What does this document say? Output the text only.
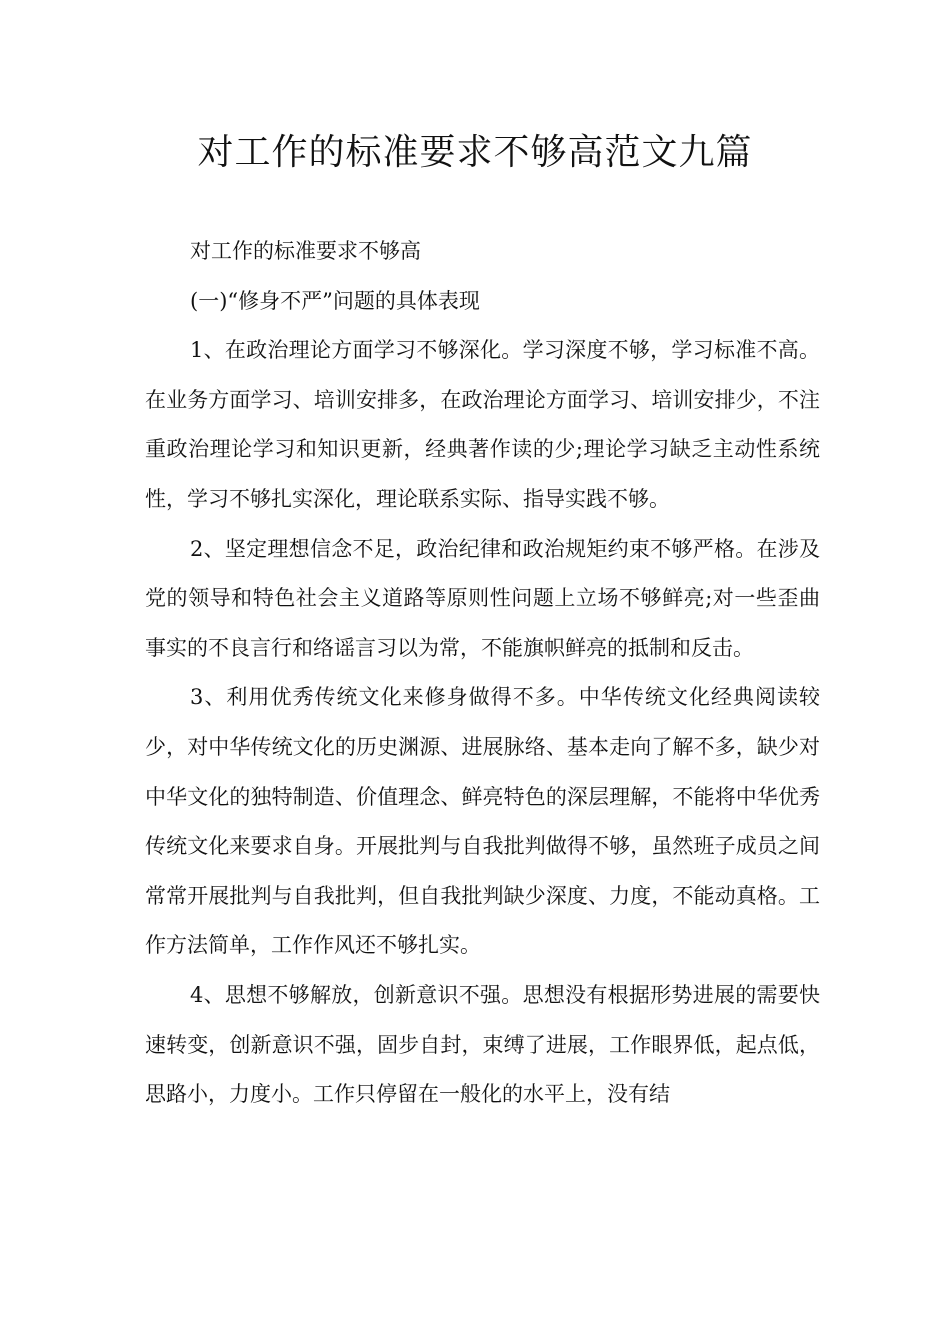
对工作的标准要求不够高范文九篇

对工作的标准要求不够高

(一)“修身不严”问题的具体表现

1、在政治理论方面学习不够深化。学习深度不够，学习标准不高。在业务方面学习、培训安排多，在政治理论方面学习、培训安排少，不注重政治理论学习和知识更新，经典著作读的少;理论学习缺乏主动性系统性，学习不够扎实深化，理论联系实际、指导实践不够。

2、坚定理想信念不足，政治纪律和政治规矩约束不够严格。在涉及党的领导和特色社会主义道路等原则性问题上立场不够鲜亮;对一些歪曲事实的不良言行和络谣言习以为常，不能旗帜鲜亮的抵制和反击。

3、利用优秀传统文化来修身做得不多。中华传统文化经典阅读较少，对中华传统文化的历史渊源、进展脉络、基本走向了解不多，缺少对中华文化的独特制造、价值理念、鲜亮特色的深层理解，不能将中华优秀传统文化来要求自身。开展批判与自我批判做得不够，虽然班子成员之间常常开展批判与自我批判，但自我批判缺少深度、力度，不能动真格。工作方法简单，工作作风还不够扎实。

4、思想不够解放，创新意识不强。思想没有根据形势进展的需要快速转变，创新意识不强，固步自封，束缚了进展，工作眼界低，起点低，思路小，力度小。工作只停留在一般化的水平上，没有结
